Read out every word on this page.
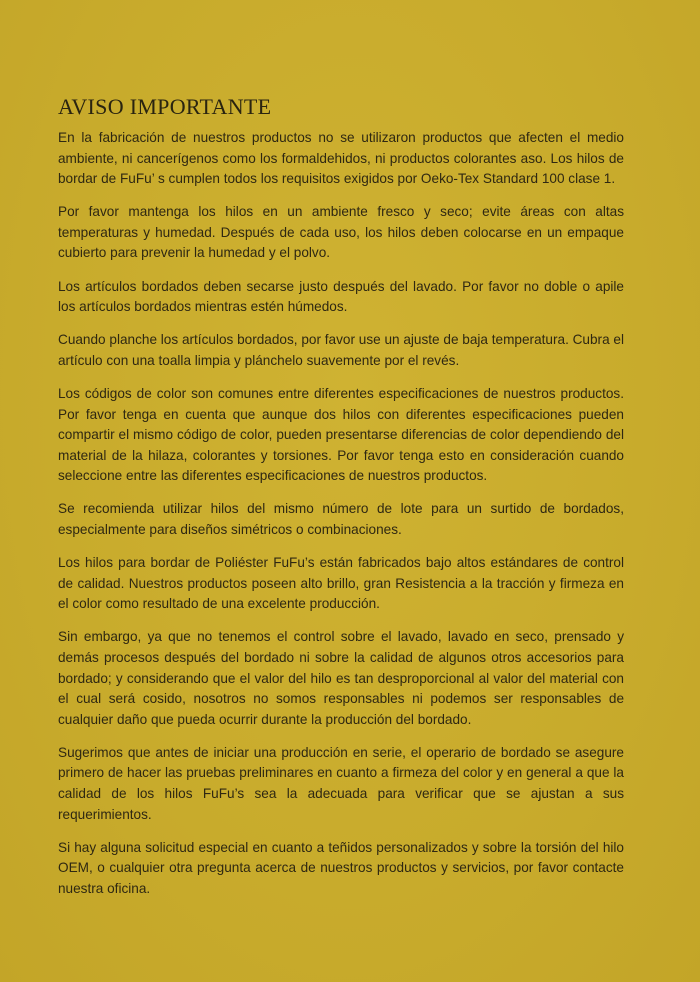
AVISO IMPORTANTE

En la fabricación de nuestros productos no se utilizaron productos que afecten el medio ambiente, ni cancerígenos como los formaldehidos, ni productos colorantes aso. Los hilos de bordar de FuFu’ s cumplen todos los requisitos exigidos por Oeko-Tex Standard 100 clase 1.

Por favor mantenga los hilos en un ambiente fresco y seco; evite áreas con altas temperaturas y humedad. Después de cada uso, los hilos deben colocarse en un empaque cubierto para prevenir la humedad y el polvo.

Los artículos bordados deben secarse justo después del lavado. Por favor no doble o apile los artículos bordados mientras estén húmedos.

Cuando planche los artículos bordados, por favor use un ajuste de baja temperatura. Cubra el artículo con una toalla limpia y plánchelo suavemente por el revés.

Los códigos de color son comunes entre diferentes especificaciones de nuestros productos. Por favor tenga en cuenta que aunque dos hilos con diferentes especificaciones pueden compartir el mismo código de color, pueden presentarse diferencias de color dependiendo del material de la hilaza, colorantes y torsiones. Por favor tenga esto en consideración cuando seleccione entre las diferentes especificaciones de nuestros productos.

Se recomienda utilizar hilos del mismo número de lote para un surtido de bordados, especialmente para diseños simétricos o combinaciones.

Los hilos para bordar de Poliéster FuFu’s están fabricados bajo altos estándares de control de calidad. Nuestros productos poseen alto brillo, gran Resistencia a la tracción y firmeza en el color como resultado de una excelente producción.

Sin embargo, ya que no tenemos el control sobre el lavado, lavado en seco, prensado y demás procesos después del bordado ni sobre la calidad de algunos otros accesorios para bordado; y considerando que el valor del hilo es tan desproporcional al valor del material con el cual será cosido, nosotros no somos responsables ni podemos ser responsables de cualquier daño que pueda ocurrir durante la producción del bordado.

Sugerimos que antes de iniciar una producción en serie, el operario de bordado se asegure primero de hacer las pruebas preliminares en cuanto a firmeza del color y en general a que la calidad de los hilos FuFu’s sea la adecuada para verificar que se ajustan a sus requerimientos.

Si hay alguna solicitud especial en cuanto a teñidos personalizados y sobre la torsión del hilo OEM, o cualquier otra pregunta acerca de nuestros productos y servicios, por favor contacte nuestra oficina.
